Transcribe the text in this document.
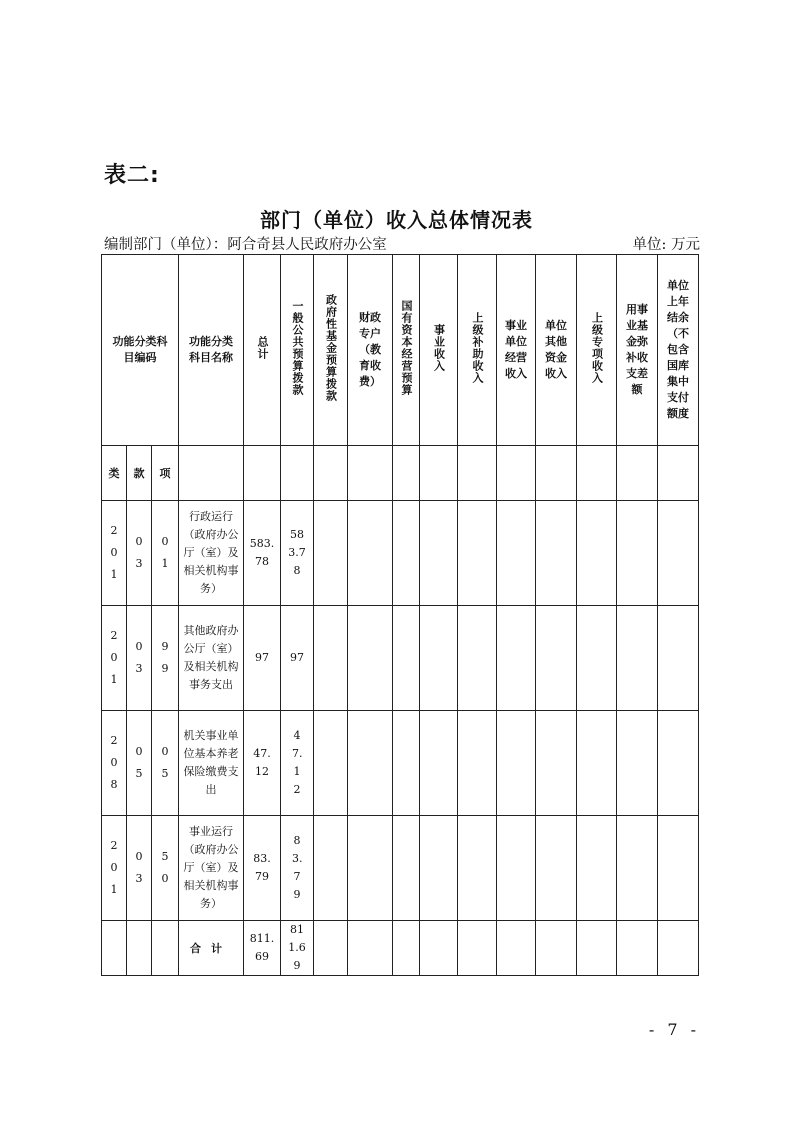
表二:
部门（单位）收入总体情况表
编制部门（单位）：阿合奇县人民政府办公室	单位: 万元
功能分类科目编码			功能分类科目名称	总计	一般公共预算拨款	政府性基金预算拨款	财政专户（教育收费）	国有资本经营预算	事业收入	上级补助收入	事业单位经营收入	单位其他资金收入	上级专项收入	用事业基金弥补收支差额	单位上年结余（不包含国库集中支付额度

类	款	项													
201	03	01	行政运行（政府办公厅（室）及相关机构事务）	583.78	583.78										
201	03	99	其他政府办公厅（室）及相关机构事务支出	97	97										
208	05	05	机关事业单位基本养老保险缴费支出	47.12	47.12										
201	03	50	事业运行（政府办公厅（室）及相关机构事务）	83.79	83.79										
			合计	811.69	811.69										
- 7 -
